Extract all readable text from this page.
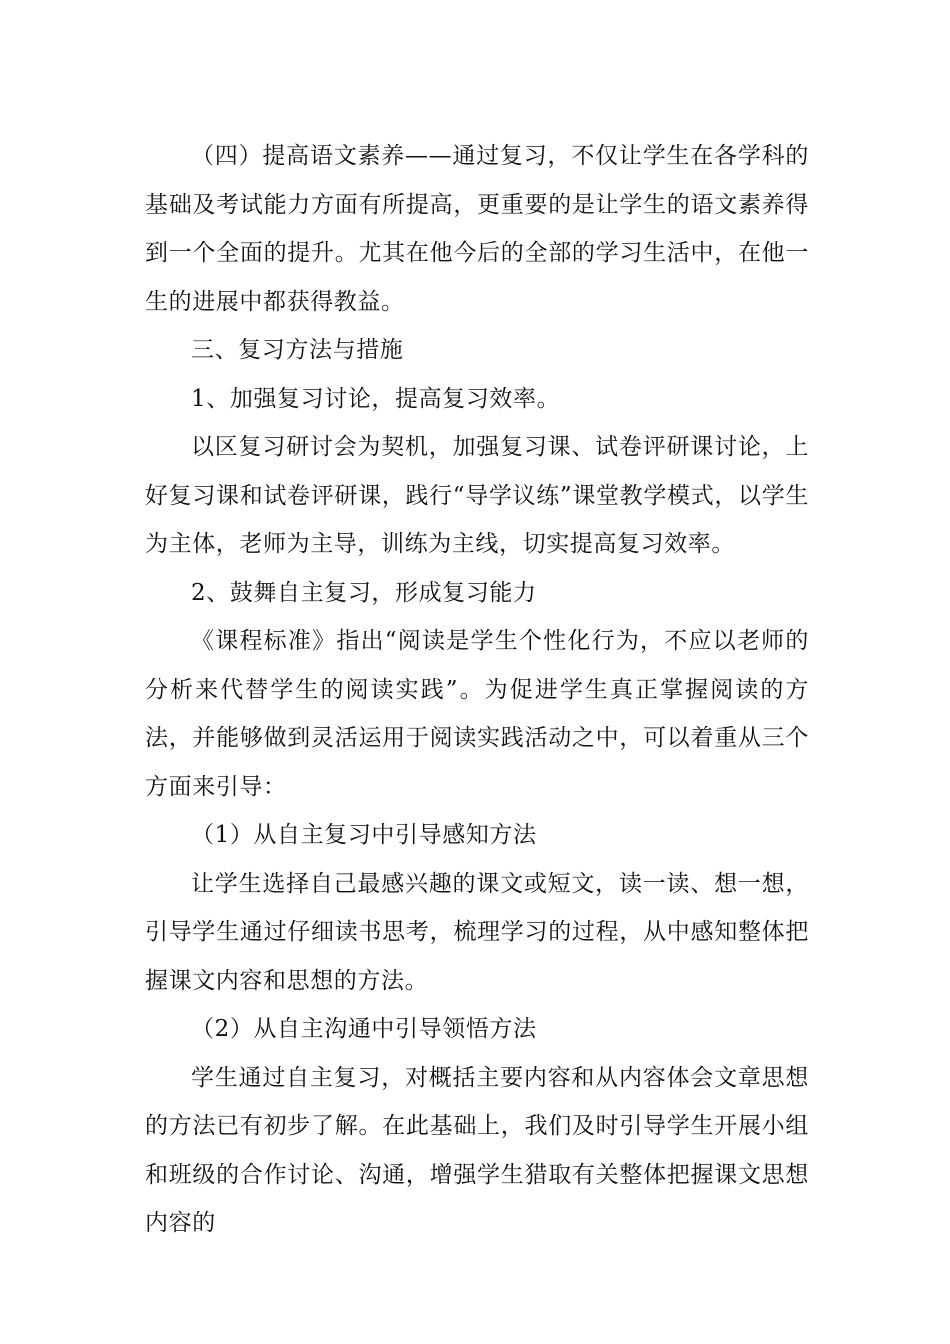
（四）提高语文素养——通过复习，不仅让学生在各学科的基础及考试能力方面有所提高，更重要的是让学生的语文素养得到一个全面的提升。尤其在他今后的全部的学习生活中，在他一生的进展中都获得教益。

三、复习方法与措施

1、加强复习讨论，提高复习效率。

以区复习研讨会为契机，加强复习课、试卷评研课讨论，上好复习课和试卷评研课，践行“导学议练”课堂教学模式，以学生为主体，老师为主导，训练为主线，切实提高复习效率。

2、鼓舞自主复习，形成复习能力

《课程标准》指出“阅读是学生个性化行为，不应以老师的分析来代替学生的阅读实践”。为促进学生真正掌握阅读的方法，并能够做到灵活运用于阅读实践活动之中，可以着重从三个方面来引导：

（1）从自主复习中引导感知方法

让学生选择自己最感兴趣的课文或短文，读一读、想一想，引导学生通过仔细读书思考，梳理学习的过程，从中感知整体把握课文内容和思想的方法。

（2）从自主沟通中引导领悟方法

学生通过自主复习，对概括主要内容和从内容体会文章思想的方法已有初步了解。在此基础上，我们及时引导学生开展小组和班级的合作讨论、沟通，增强学生猎取有关整体把握课文思想内容的
